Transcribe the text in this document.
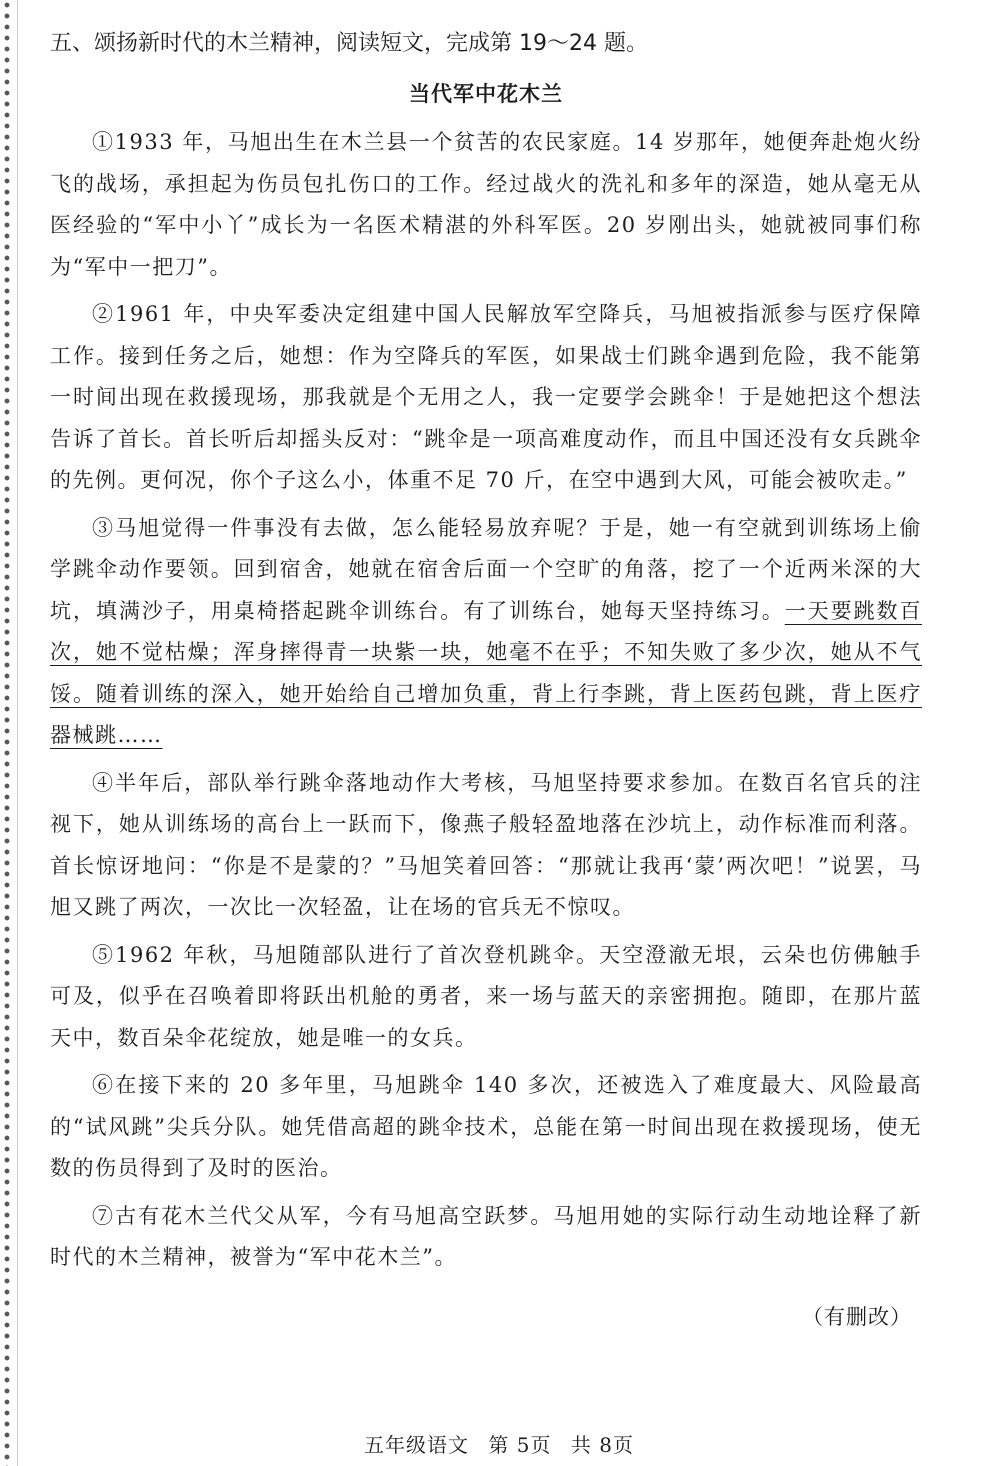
五、颂扬新时代的木兰精神，阅读短文，完成第 19～24 题。
当代军中花木兰

①1933 年，马旭出生在木兰县一个贫苦的农民家庭。14 岁那年，她便奔赴炮火纷飞的战场，承担起为伤员包扎伤口的工作。经过战火的洗礼和多年的深造，她从毫无从医经验的“军中小丫”成长为一名医术精湛的外科军医。20 岁刚出头，她就被同事们称为“军中一把刀”。

②1961 年，中央军委决定组建中国人民解放军空降兵，马旭被指派参与医疗保障工作。接到任务之后，她想：作为空降兵的军医，如果战士们跳伞遇到危险，我不能第一时间出现在救援现场，那我就是个无用之人，我一定要学会跳伞！于是她把这个想法告诉了首长。首长听后却摇头反对：“跳伞是一项高难度动作，而且中国还没有女兵跳伞的先例。更何况，你个子这么小，体重不足 70 斤，在空中遇到大风，可能会被吹走。”

③马旭觉得一件事没有去做，怎么能轻易放弃呢？于是，她一有空就到训练场上偷学跳伞动作要领。回到宿舍，她就在宿舍后面一个空旷的角落，挖了一个近两米深的大坑，填满沙子，用桌椅搭起跳伞训练台。有了训练台，她每天坚持练习。一天要跳数百次，她不觉枯燥；浑身摔得青一块紫一块，她毫不在乎；不知失败了多少次，她从不气馁。随着训练的深入，她开始给自己增加负重，背上行李跳，背上医药包跳，背上医疗器械跳……

④半年后，部队举行跳伞落地动作大考核，马旭坚持要求参加。在数百名官兵的注视下，她从训练场的高台上一跃而下，像燕子般轻盈地落在沙坑上，动作标准而利落。首长惊讶地问：“你是不是蒙的？”马旭笑着回答：“那就让我再‘蒙’两次吧！”说罢，马旭又跳了两次，一次比一次轻盈，让在场的官兵无不惊叹。

⑤1962 年秋，马旭随部队进行了首次登机跳伞。天空澄澈无垠，云朵也仿佛触手可及，似乎在召唤着即将跃出机舱的勇者，来一场与蓝天的亲密拥抱。随即，在那片蓝天中，数百朵伞花绽放，她是唯一的女兵。

⑥在接下来的 20 多年里，马旭跳伞 140 多次，还被选入了难度最大、风险最高的“试风跳”尖兵分队。她凭借高超的跳伞技术，总能在第一时间出现在救援现场，使无数的伤员得到了及时的医治。

⑦古有花木兰代父从军，今有马旭高空跃梦。马旭用她的实际行动生动地诠释了新时代的木兰精神，被誉为“军中花木兰”。

（有删改）
五年级语文 第 5页 共 8页
